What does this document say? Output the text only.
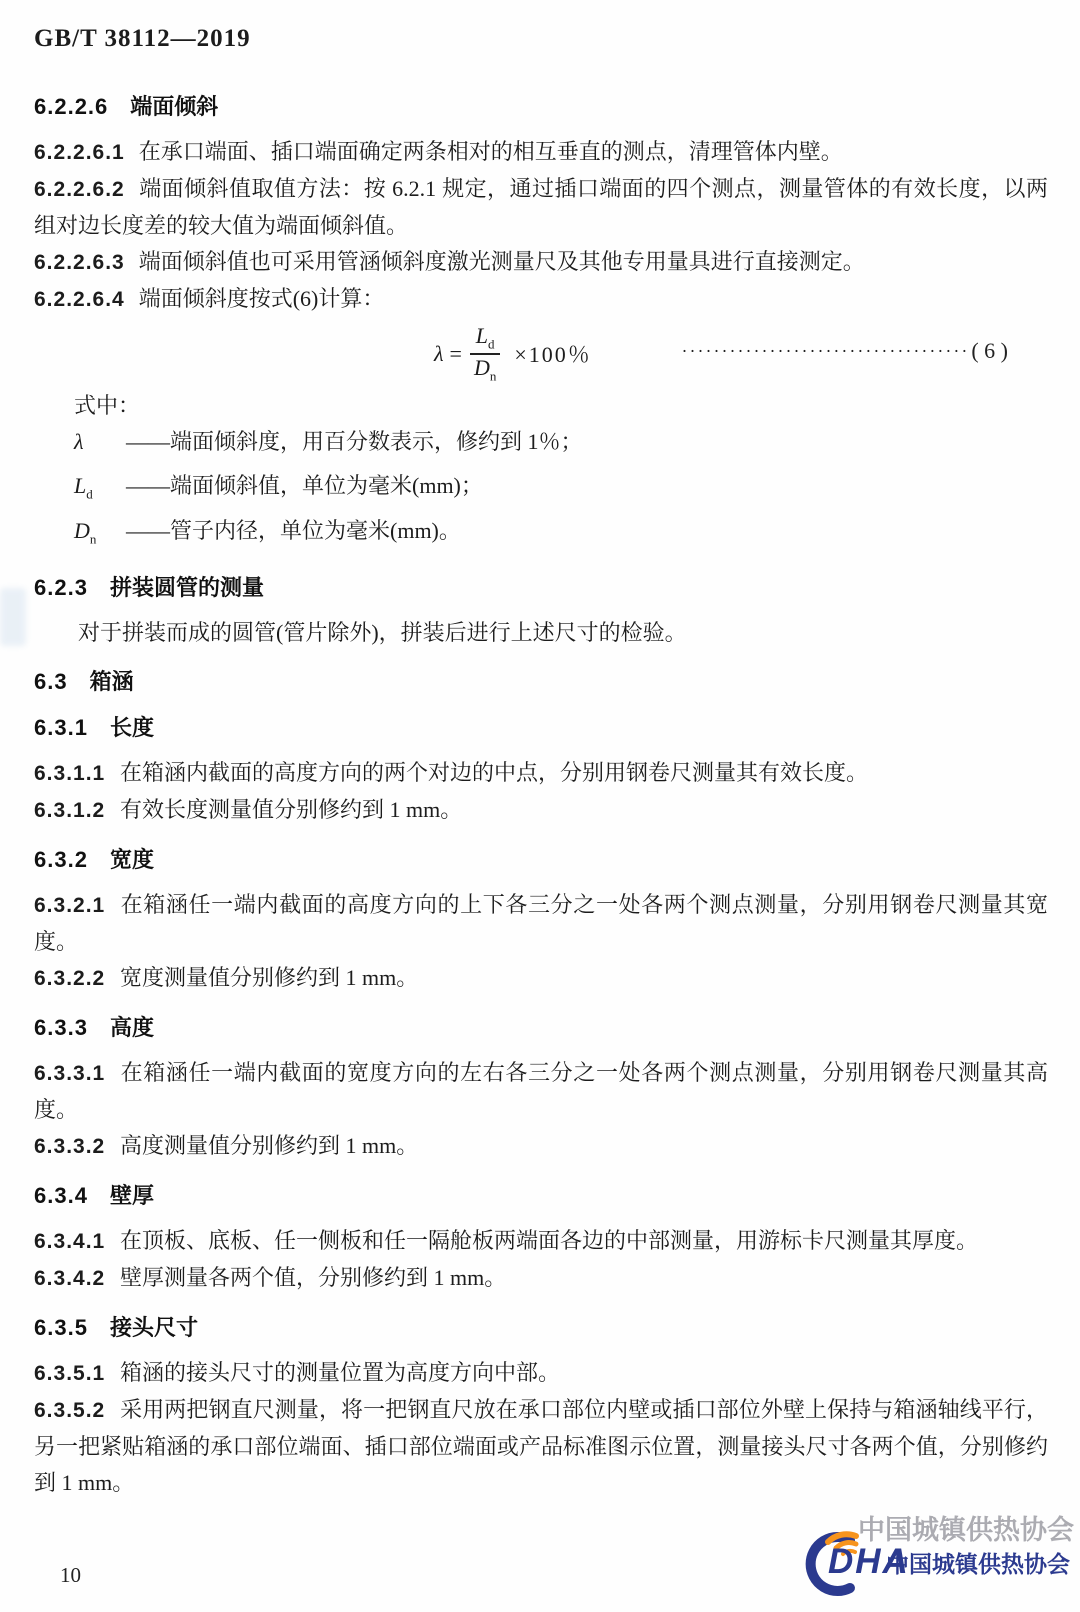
GB/T 38112—2019
6.2.2.6 端面倾斜

6.2.2.6.1 在承口端面、插口端面确定两条相对的相互垂直的测点，清理管体内壁。

6.2.2.6.2 端面倾斜值取值方法：按 6.2.1 规定，通过插口端面的四个测点，测量管体的有效长度，以两组对边长度差的较大值为端面倾斜值。

6.2.2.6.3 端面倾斜值也可采用管涵倾斜度激光测量尺及其他专用量具进行直接测定。

6.2.2.6.4 端面倾斜度按式(6)计算：

$\lambda = \frac{L_d}{D_n} \times 100$％	····································( 6 )
式中：
λ	—— 端面倾斜度，用百分数表示，修约到 1％；
$L_d$	—— 端面倾斜值，单位为毫米(mm)；
$D_n$	—— 管子内径，单位为毫米(mm)。
6.2.3 拼装圆管的测量

对于拼装而成的圆管(管片除外)，拼装后进行上述尺寸的检验。

6.3 箱涵
6.3.1 长度

6.3.1.1 在箱涵内截面的高度方向的两个对边的中点，分别用钢卷尺测量其有效长度。

6.3.1.2 有效长度测量值分别修约到 1 mm。

6.3.2 宽度

6.3.2.1 在箱涵任一端内截面的高度方向的上下各三分之一处各两个测点测量，分别用钢卷尺测量其宽度。

6.3.2.2 宽度测量值分别修约到 1 mm。

6.3.3 高度

6.3.3.1 在箱涵任一端内截面的宽度方向的左右各三分之一处各两个测点测量，分别用钢卷尺测量其高度。

6.3.3.2 高度测量值分别修约到 1 mm。

6.3.4 壁厚

6.3.4.1 在顶板、底板、任一侧板和任一隔舱板两端面各边的中部测量，用游标卡尺测量其厚度。

6.3.4.2 壁厚测量各两个值，分别修约到 1 mm。

6.3.5 接头尺寸

6.3.5.1 箱涵的接头尺寸的测量位置为高度方向中部。

6.3.5.2 采用两把钢直尺测量，将一把钢直尺放在承口部位内壁或插口部位外壁上保持与箱涵轴线平行，另一把紧贴箱涵的承口部位端面、插口部位端面或产品标准图示位置，测量接头尺寸各两个值，分别修约到 1 mm。

10
中国城镇供热协会
DHA
中国城镇供热协会
